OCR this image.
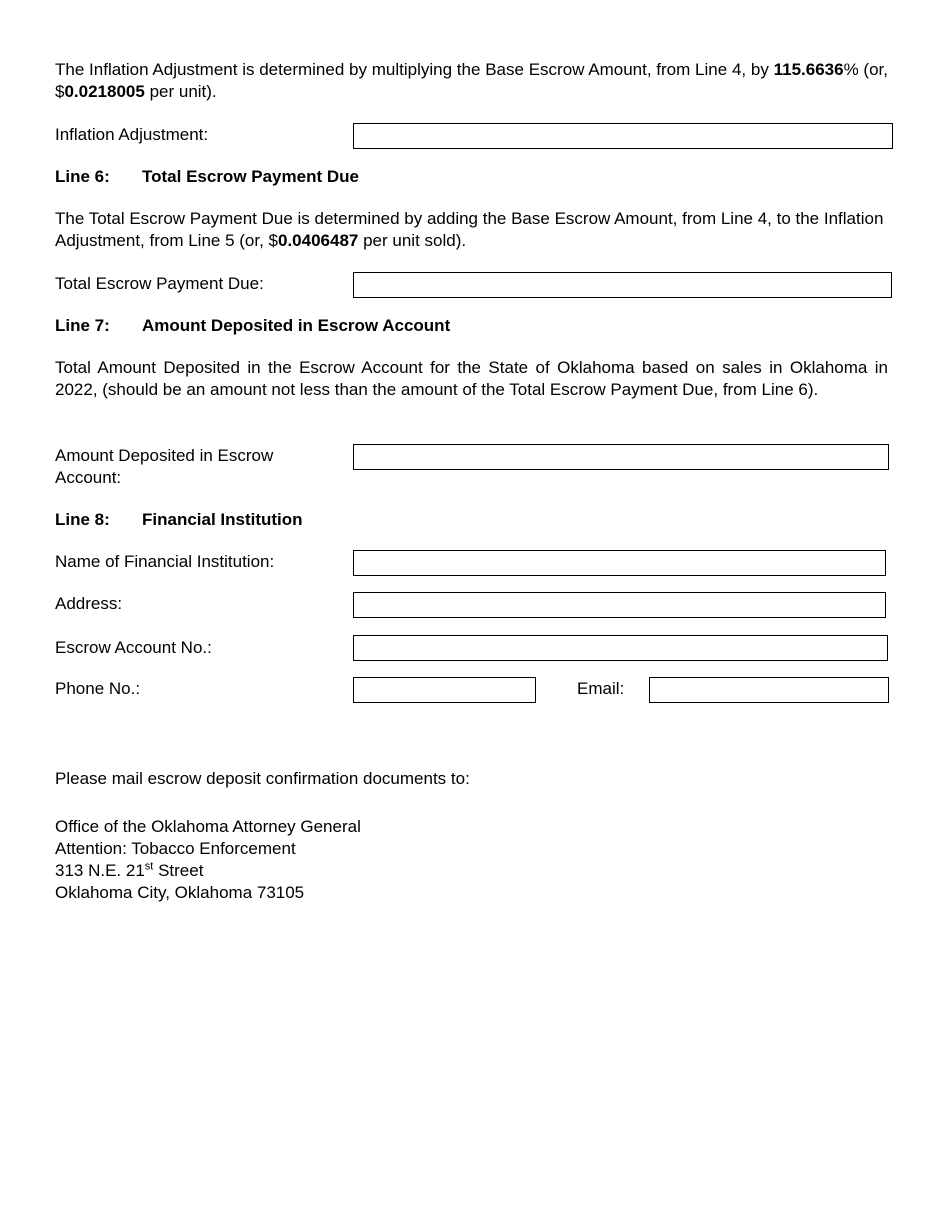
The Inflation Adjustment is determined by multiplying the Base Escrow Amount, from Line 4, by 115.6636% (or, $0.0218005 per unit).

Inflation Adjustment:
Line 6: Total Escrow Payment Due

The Total Escrow Payment Due is determined by adding the Base Escrow Amount, from Line 4, to the Inflation Adjustment, from Line 5 (or, $0.0406487 per unit sold).

Total Escrow Payment Due:
Line 7: Amount Deposited in Escrow Account

Total Amount Deposited in the Escrow Account for the State of Oklahoma based on sales in Oklahoma in 2022, (should be an amount not less than the amount of the Total Escrow Payment Due, from Line 6).

Amount Deposited in Escrow
Account:
Line 8: Financial Institution
Name of Financial Institution:
Address:
Escrow Account No.:
Phone No.:	Email:
Please mail escrow deposit confirmation documents to:
Office of the Oklahoma Attorney General
Attention: Tobacco Enforcement
313 N.E. 21st Street
Oklahoma City, Oklahoma 73105
